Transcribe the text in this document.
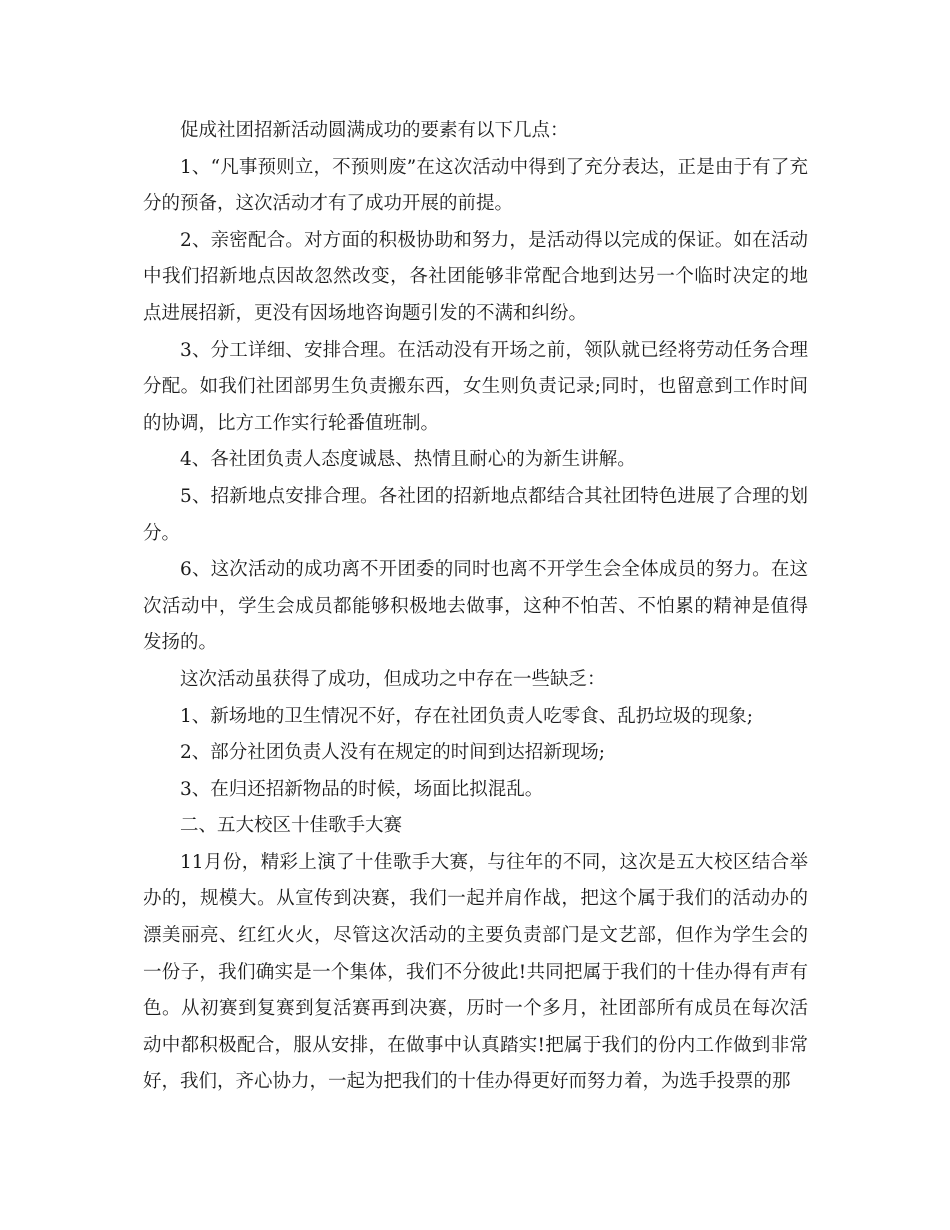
促成社团招新活动圆满成功的要素有以下几点：

1、“凡事预则立，不预则废”在这次活动中得到了充分表达，正是由于有了充分的预备，这次活动才有了成功开展的前提。

2、亲密配合。对方面的积极协助和努力，是活动得以完成的保证。如在活动中我们招新地点因故忽然改变，各社团能够非常配合地到达另一个临时决定的地点进展招新，更没有因场地咨询题引发的不满和纠纷。

3、分工详细、安排合理。在活动没有开场之前，领队就已经将劳动任务合理分配。如我们社团部男生负责搬东西，女生则负责记录;同时，也留意到工作时间的协调，比方工作实行轮番值班制。

4、各社团负责人态度诚恳、热情且耐心的为新生讲解。

5、招新地点安排合理。各社团的招新地点都结合其社团特色进展了合理的划分。

6、这次活动的成功离不开团委的同时也离不开学生会全体成员的努力。在这次活动中，学生会成员都能够积极地去做事，这种不怕苦、不怕累的精神是值得发扬的。

这次活动虽获得了成功，但成功之中存在一些缺乏：

1、新场地的卫生情况不好，存在社团负责人吃零食、乱扔垃圾的现象;

2、部分社团负责人没有在规定的时间到达招新现场;

3、在归还招新物品的时候，场面比拟混乱。

二、五大校区十佳歌手大赛

11月份，精彩上演了十佳歌手大赛，与往年的不同，这次是五大校区结合举办的，规模大。从宣传到决赛，我们一起并肩作战，把这个属于我们的活动办的漂美丽亮、红红火火，尽管这次活动的主要负责部门是文艺部，但作为学生会的一份子，我们确实是一个集体，我们不分彼此!共同把属于我们的十佳办得有声有色。从初赛到复赛到复活赛再到决赛，历时一个多月，社团部所有成员在每次活动中都积极配合，服从安排，在做事中认真踏实!把属于我们的份内工作做到非常好，我们，齐心协力，一起为把我们的十佳办得更好而努力着，为选手投票的那
